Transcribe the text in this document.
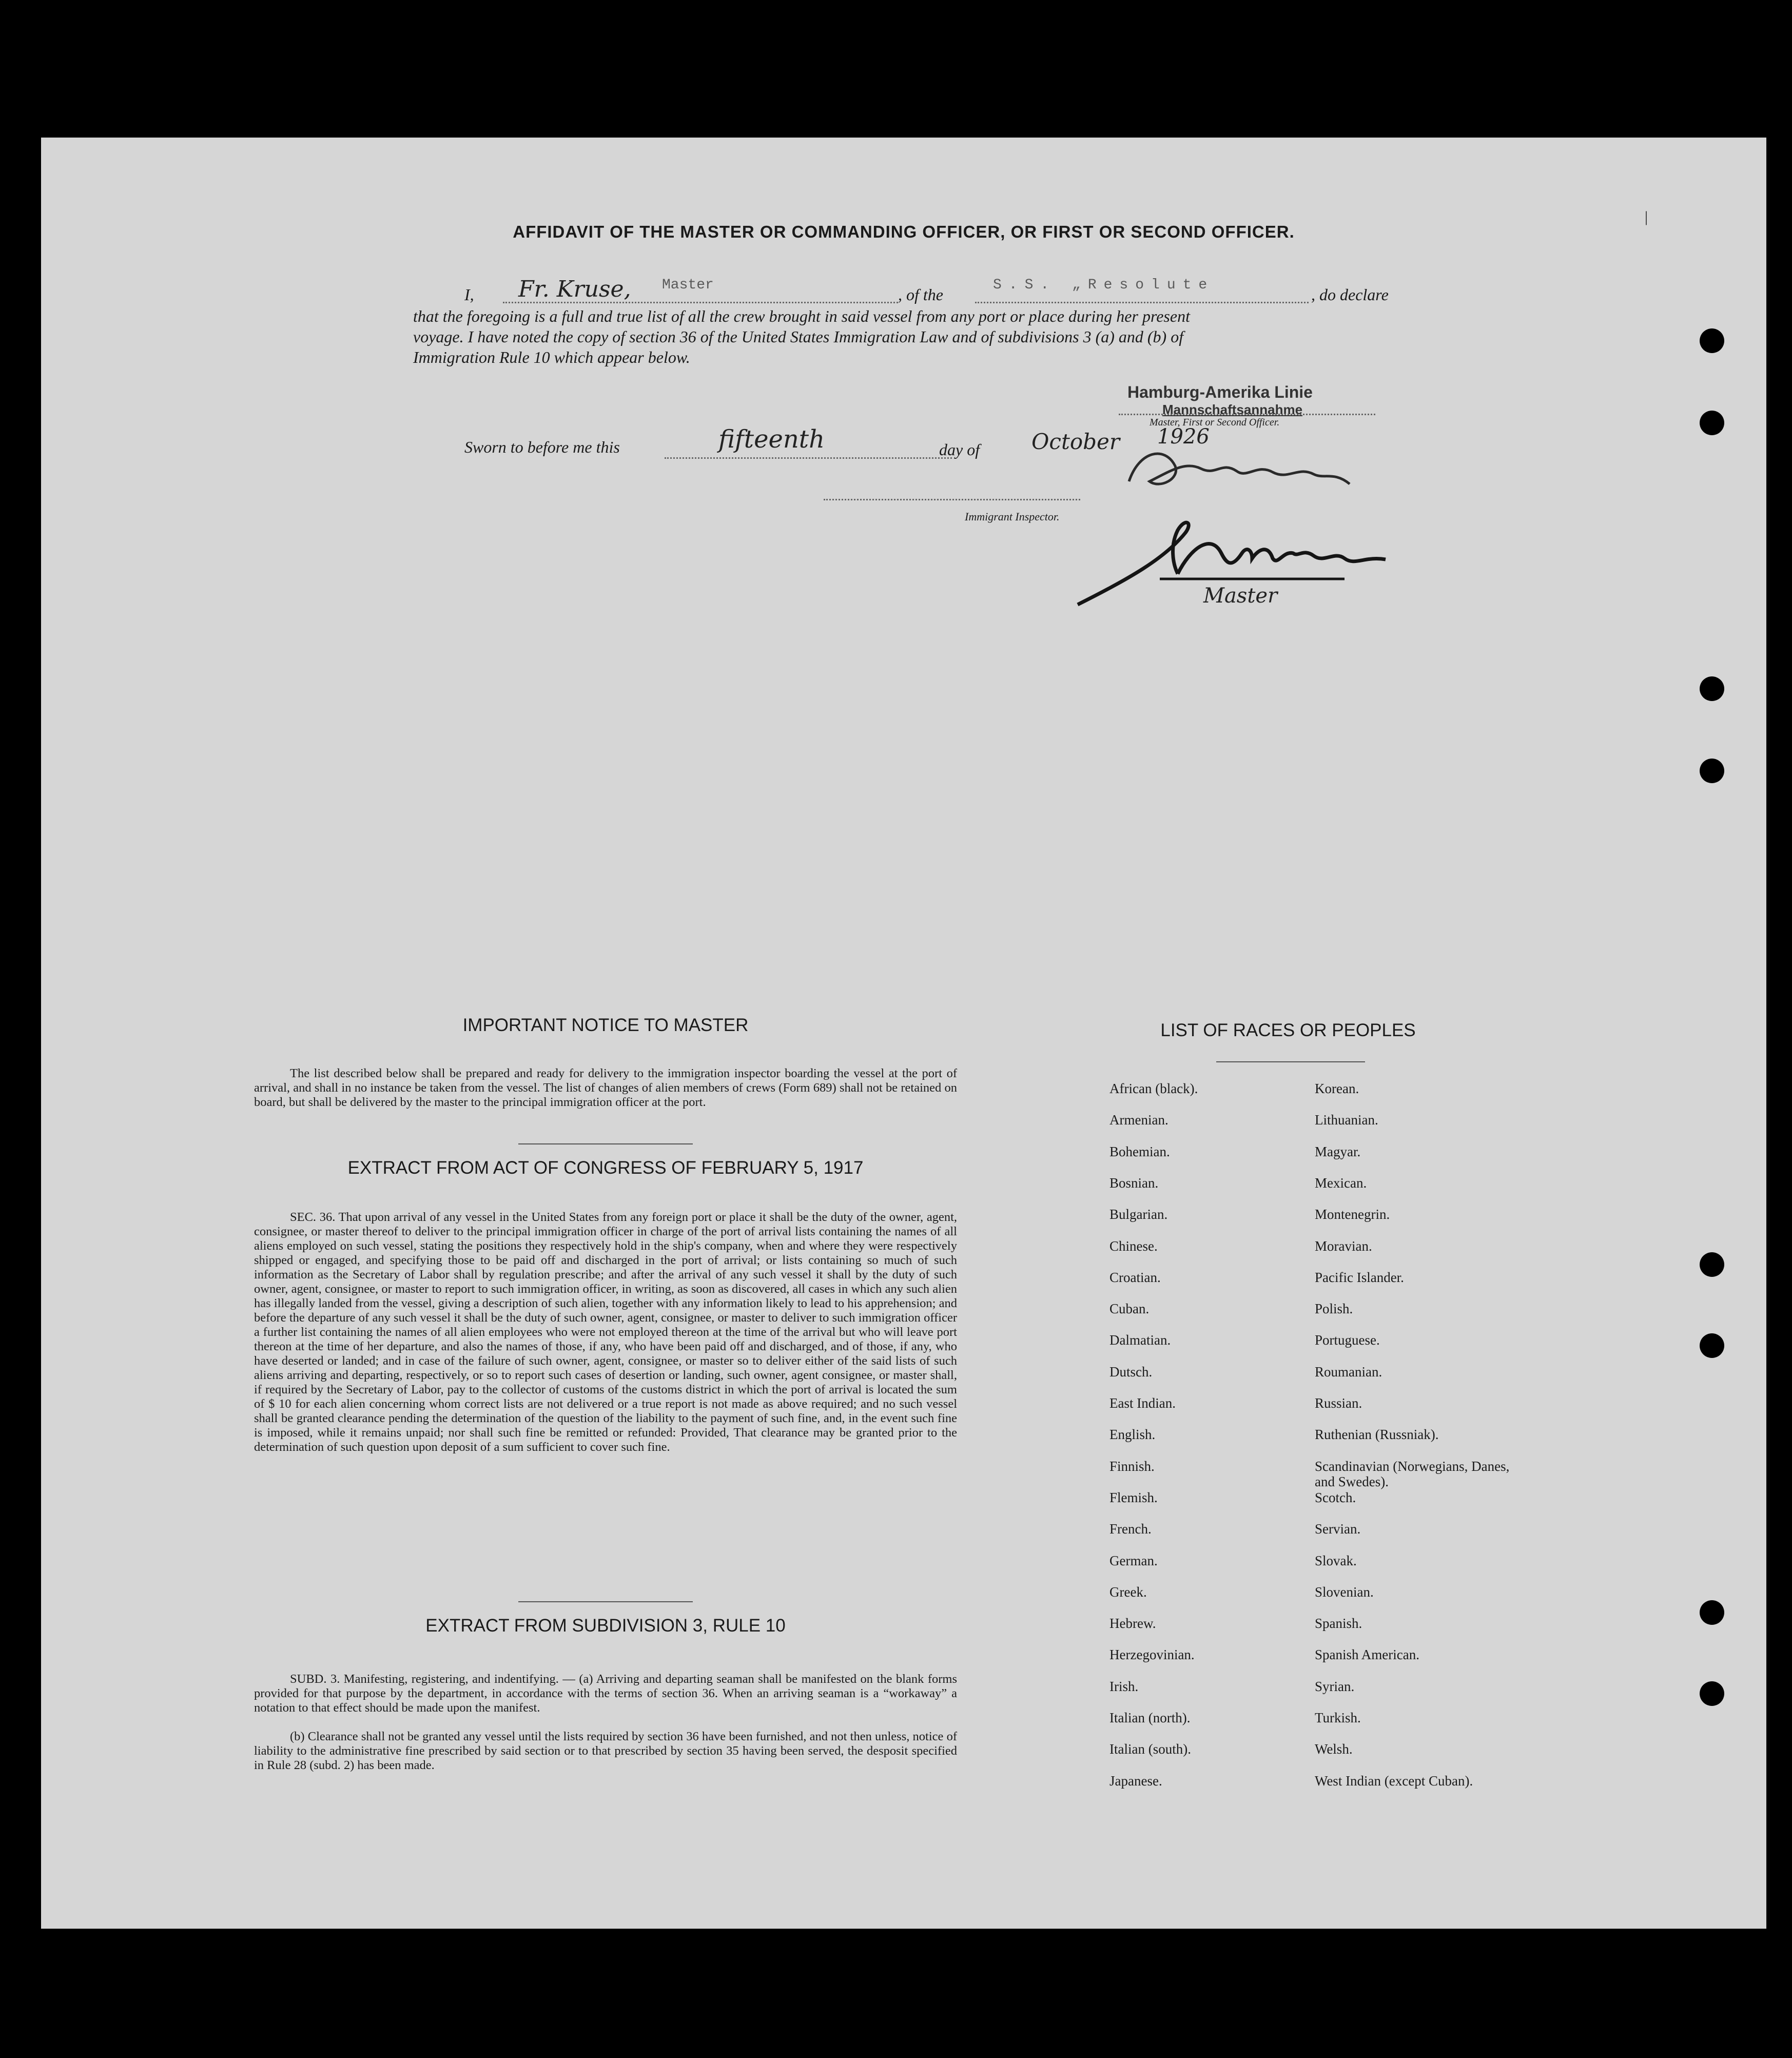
AFFIDAVIT OF THE MASTER OR COMMANDING OFFICER, OR FIRST OR SECOND OFFICER.
I, Fr. Kruse, Master
, of the
S.S. „Resolute
, do declare
that the foregoing is a full and true list of all the crew brought in said vessel from any port or place during her present
voyage. I have noted the copy of section 36 of the United States Immigration Law and of subdivisions 3 (a) and (b) of
Immigration Rule 10 which appear below.
Hamburg-Amerika Linie
Mannschaftsannahme
Master, First or Second Officer.
Sworn to before me this	fifteenth	day of October 1926
Immigrant Inspector.
Master
IMPORTANT NOTICE TO MASTER
The list described below shall be prepared and ready for delivery to the immigration inspector boarding the vessel at the port of arrival, and shall in no instance be taken from the vessel. The list of changes of alien members of crews (Form 689) shall not be retained on board, but shall be delivered by the master to the principal immigration officer at the port.
EXTRACT FROM ACT OF CONGRESS OF FEBRUARY 5, 1917
SEC. 36. That upon arrival of any vessel in the United States from any foreign port or place it shall be the duty of the owner, agent, consignee, or master thereof to deliver to the principal immigration officer in charge of the port of arrival lists containing the names of all aliens employed on such vessel, stating the positions they respectively hold in the ship's company, when and where they were respectively shipped or engaged, and specifying those to be paid off and discharged in the port of arrival; or lists containing so much of such information as the Secretary of Labor shall by regulation prescribe; and after the arrival of any such vessel it shall by the duty of such owner, agent, consignee, or master to report to such immigration officer, in writing, as soon as discovered, all cases in which any such alien has illegally landed from the vessel, giving a description of such alien, together with any information likely to lead to his apprehension; and before the departure of any such vessel it shall be the duty of such owner, agent, consignee, or master to deliver to such immigration officer a further list containing the names of all alien employees who were not employed thereon at the time of the arrival but who will leave port thereon at the time of her departure, and also the names of those, if any, who have been paid off and discharged, and of those, if any, who have deserted or landed; and in case of the failure of such owner, agent, consignee, or master so to deliver either of the said lists of such aliens arriving and departing, respectively, or so to report such cases of desertion or landing, such owner, agent consignee, or master shall, if required by the Secretary of Labor, pay to the collector of customs of the customs district in which the port of arrival is located the sum of $ 10 for each alien concerning whom correct lists are not delivered or a true report is not made as above required; and no such vessel shall be granted clearance pending the determination of the question of the liability to the payment of such fine, and, in the event such fine is imposed, while it remains unpaid; nor shall such fine be remitted or refunded: Provided, That clearance may be granted prior to the determination of such question upon deposit of a sum sufficient to cover such fine.
EXTRACT FROM SUBDIVISION 3, RULE 10
SUBD. 3. Manifesting, registering, and indentifying. — (a) Arriving and departing seaman shall be manifested on the blank forms provided for that purpose by the department, in accordance with the terms of section 36. When an arriving seaman is a “workaway” a notation to that effect should be made upon the manifest.
(b) Clearance shall not be granted any vessel until the lists required by section 36 have been furnished, and not then unless, notice of liability to the administrative fine prescribed by said section or to that prescribed by section 35 having been served, the desposit specified in Rule 28 (subd. 2) has been made.
LIST OF RACES OR PEOPLES
African (black).
Armenian.
Bohemian.
Bosnian.
Bulgarian.
Chinese.
Croatian.
Cuban.
Dalmatian.
Dutsch.
East Indian.
English.
Finnish.
Flemish.
French.
German.
Greek.
Hebrew.
Herzegovinian.
Irish.
Italian (north).
Italian (south).
Japanese.
Korean.
Lithuanian.
Magyar.
Mexican.
Montenegrin.
Moravian.
Pacific Islander.
Polish.
Portuguese.
Roumanian.
Russian.
Ruthenian (Russniak).
Scandinavian (Norwegians, Danes, and Swedes).
Scotch.
Servian.
Slovak.
Slovenian.
Spanish.
Spanish American.
Syrian.
Turkish.
Welsh.
West Indian (except Cuban).
|
